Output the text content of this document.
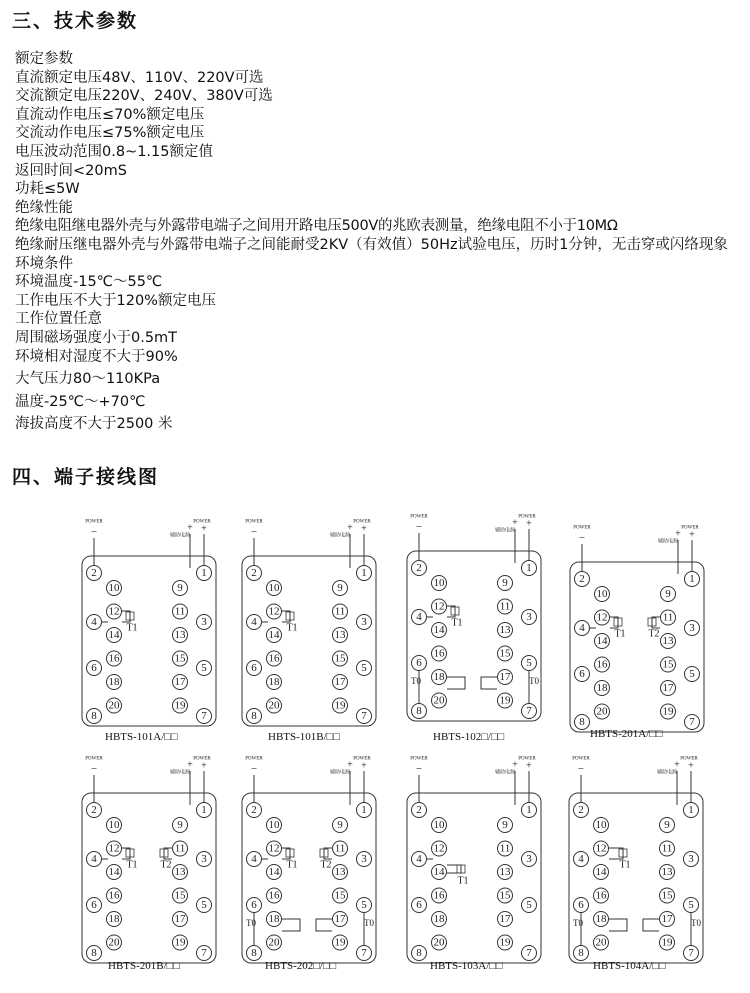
三、技术参数
额定参数
直流额定电压48V、110V、220V可选
交流额定电压220V、240V、380V可选
直流动作电压≤70%额定电压
交流动作电压≤75%额定电压
电压波动范围0.8~1.15额定值
返回时间<20mS
功耗≤5W
绝缘性能
绝缘电阻继电器外壳与外露带电端子之间用开路电压500V的兆欧表测量，绝缘电阻不小于10MΩ
绝缘耐压继电器外壳与外露带电端子之间能耐受2KV（有效值）50Hz试验电压，历时1分钟，无击穿或闪络现象
环境条件
环境温度-15℃～55℃
工作电压不大于120%额定电压
工作位置任意
周围磁场强度小于0.5mT
环境相对湿度不大于90%
大气压力80～110KPa
温度-25℃～+70℃
海拔高度不大于2500 米
四、端子接线图
POWER	POWER
−	+ +
辅助电源
2	1
4	3
6	5
8	7
10	9
12	11
14	13
16	15
18	17
20	19
T1
HBTS-101A/□□
POWER	POWER
−	+ +
辅助电源
2	1
4	3
6	5
8	7
10	9
12	11
14	13
16	15
18	17
20	19
T1
HBTS-101B/□□
POWER	POWER
−	+ +
辅助电源
2	1
4	3
6	5
8	7
10	9
12	11
14	13
16	15
18	17
20	19
T1
T0	T0
HBTS-102□/□□
POWER	POWER
−	+ +
辅助电源
2	1
4	3
6	5
8	7
10	9
12	11
14	13
16	15
18	17
20	19
T1 T2
HBTS-201A/□□
POWER	POWER
−	+ +
辅助电源
2	1
4	3
6	5
8	7
10	9
12	11
14	13
16	15
18	17
20	19
T1 T2
HBTS-201B/□□
POWER	POWER
−	+ +
辅助电源
2	1
4	3
6	5
8	7
10	9
12	11
14	13
16	15
18	17
20	19
T1 T2
T0	T0
HBTS-202□/□□
POWER	POWER
−	+ +
辅助电源
2	1
4	3
6	5
8	7
10	9
12	11
14	13
16	15
18	17
20	19
T1
HBTS-103A/□□
POWER	POWER
−	+ +
辅助电源
2	1
4	3
6	5
8	7
10	9
12	11
14	13
16	15
18	17
20	19
T1
T0	T0
HBTS-104A/□□
